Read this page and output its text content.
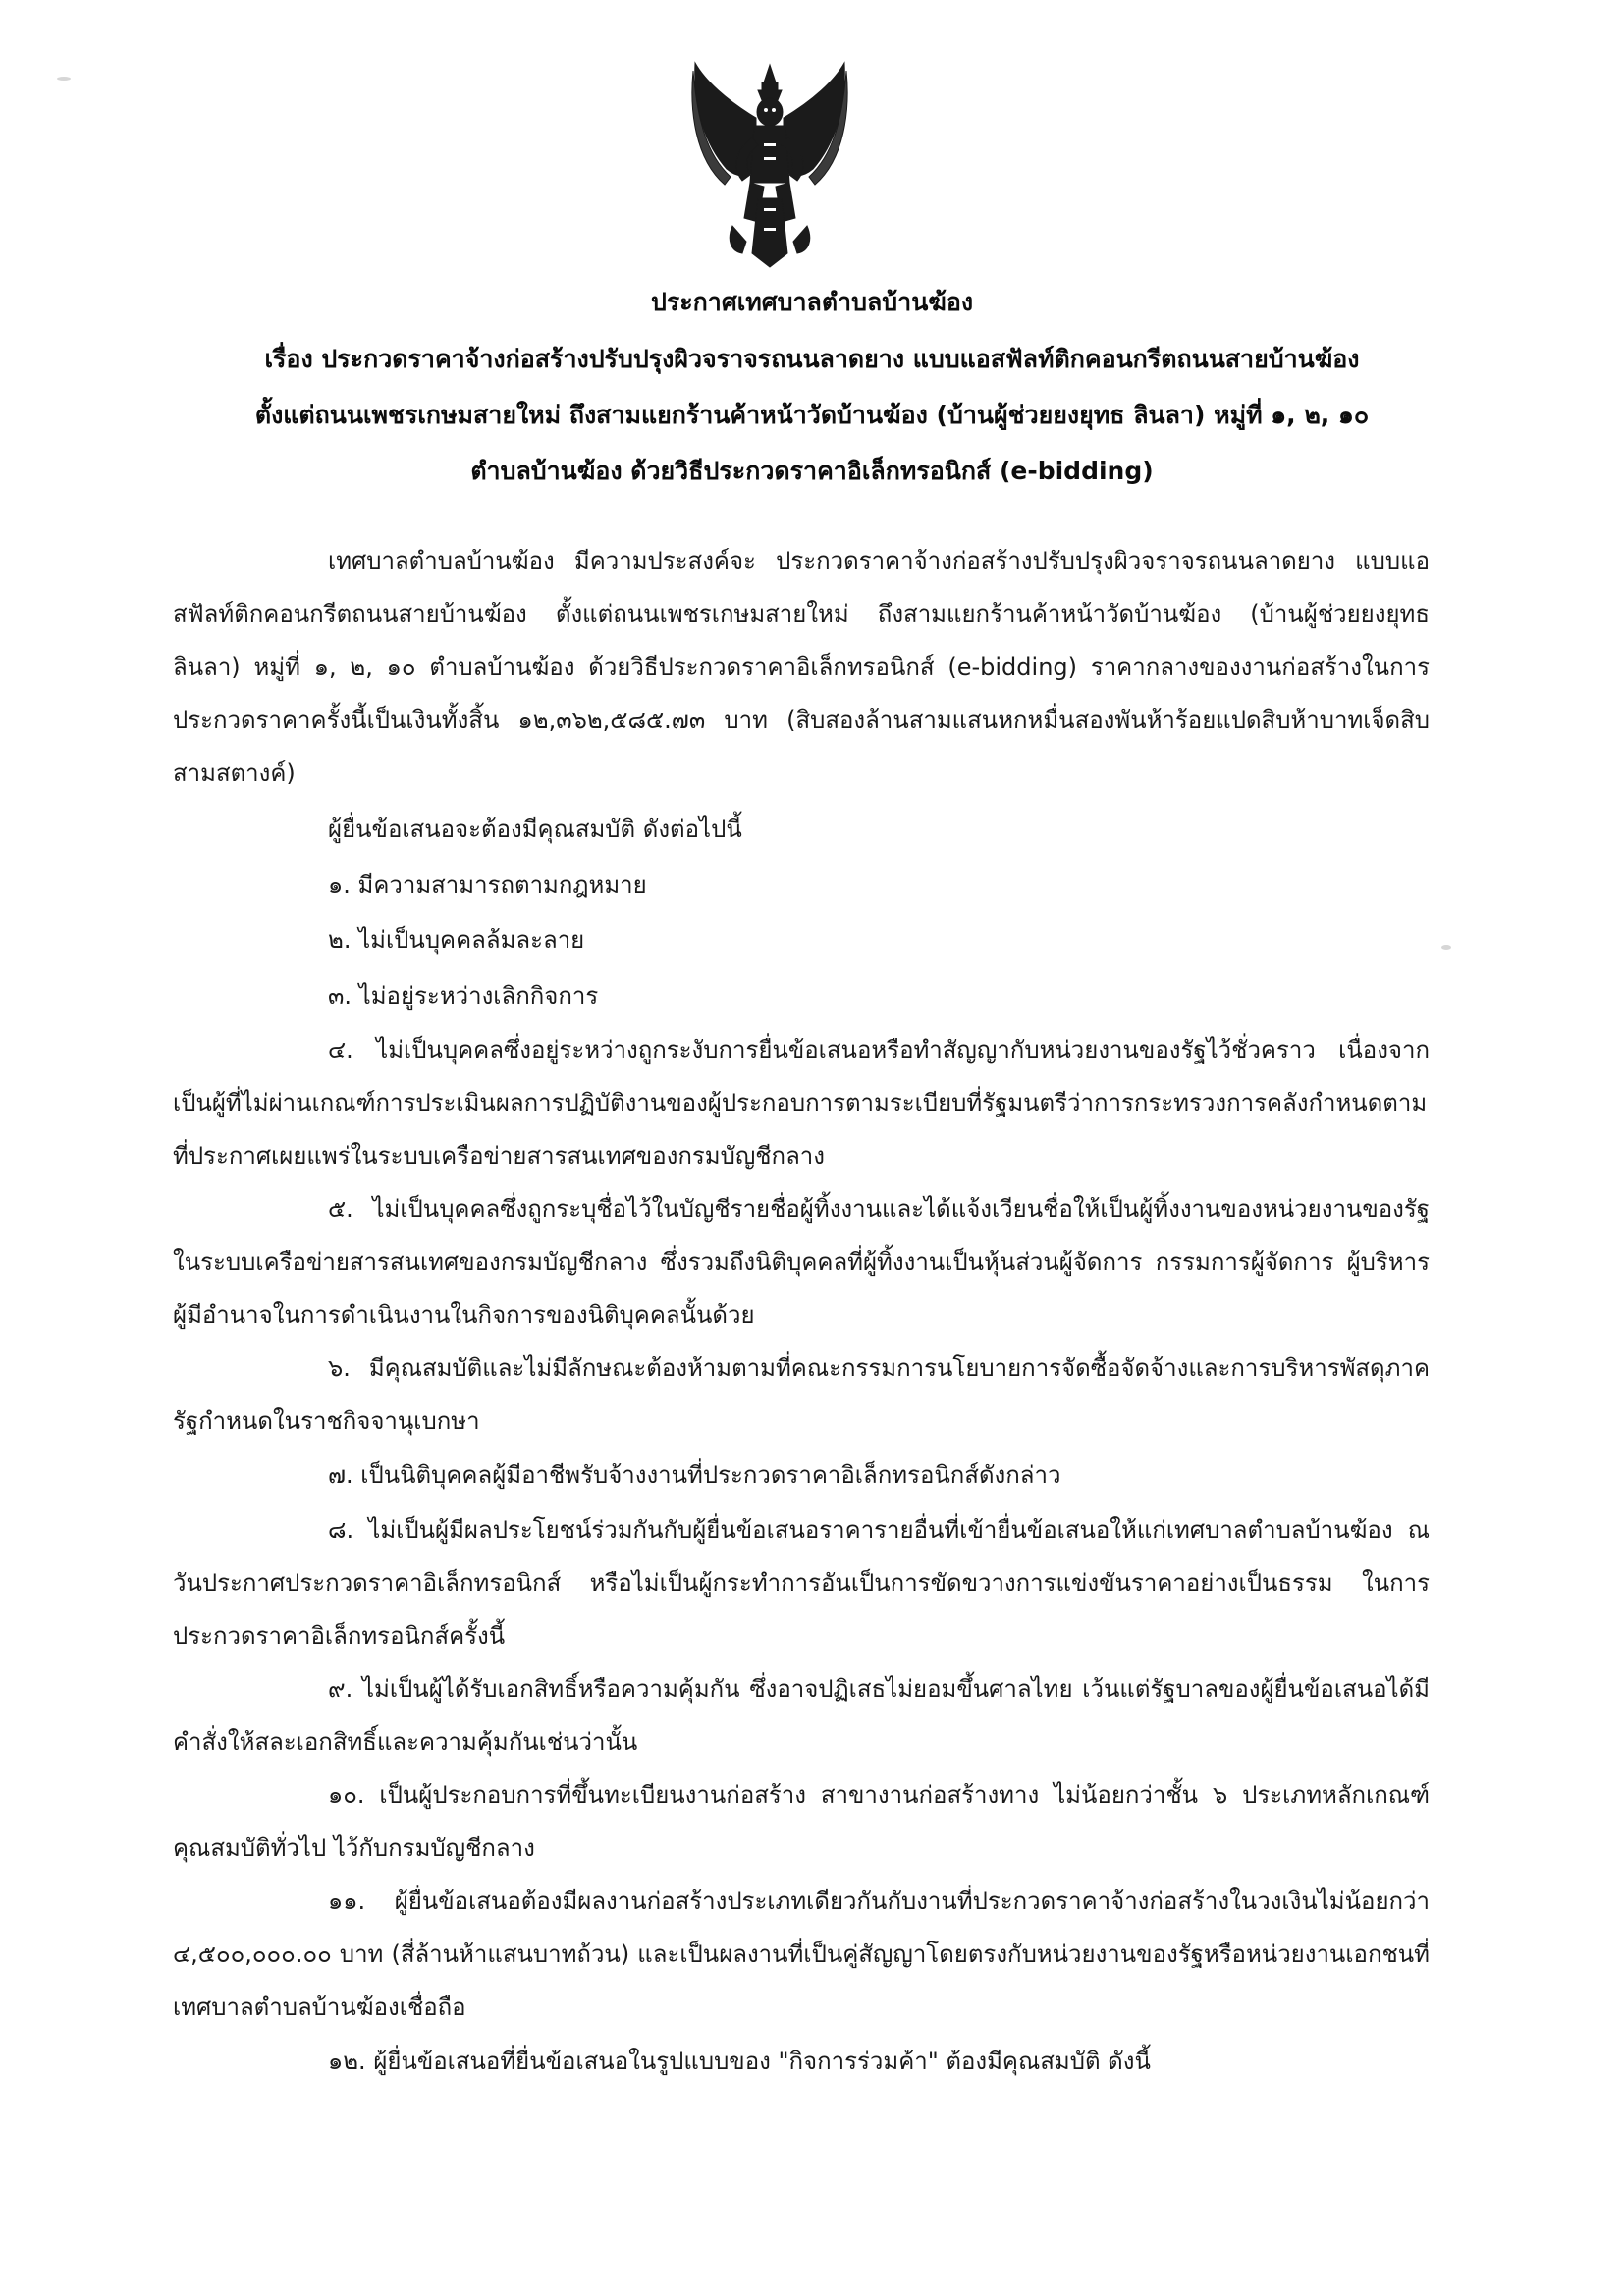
ประกาศเทศบาลตำบลบ้านฆ้อง
เรื่อง ประกวดราคาจ้างก่อสร้างปรับปรุงผิวจราจรถนนลาดยาง แบบแอสฟัลท์ติกคอนกรีตถนนสายบ้านฆ้อง
ตั้งแต่ถนนเพชรเกษมสายใหม่ ถึงสามแยกร้านค้าหน้าวัดบ้านฆ้อง (บ้านผู้ช่วยยงยุทธ ลินลา) หมู่ที่ ๑, ๒, ๑๐
ตำบลบ้านฆ้อง ด้วยวิธีประกวดราคาอิเล็กทรอนิกส์ (e-bidding)

เทศบาลตำบลบ้านฆ้อง มีความประสงค์จะ ประกวดราคาจ้างก่อสร้างปรับปรุงผิวจราจรถนนลาดยาง แบบแอสฟัลท์ติกคอนกรีตถนนสายบ้านฆ้อง ตั้งแต่ถนนเพชรเกษมสายใหม่ ถึงสามแยกร้านค้าหน้าวัดบ้านฆ้อง (บ้านผู้ช่วยยงยุทธ ลินลา) หมู่ที่ ๑, ๒, ๑๐ ตำบลบ้านฆ้อง ด้วยวิธีประกวดราคาอิเล็กทรอนิกส์ (e-bidding) ราคากลางของงานก่อสร้างในการประกวดราคาครั้งนี้เป็นเงินทั้งสิ้น ๑๒,๓๖๒,๕๘๕.๗๓ บาท (สิบสองล้านสามแสนหกหมื่นสองพันห้าร้อยแปดสิบห้าบาทเจ็ดสิบสามสตางค์)

ผู้ยื่นข้อเสนอจะต้องมีคุณสมบัติ ดังต่อไปนี้

๑. มีความสามารถตามกฎหมาย

๒. ไม่เป็นบุคคลล้มละลาย

๓. ไม่อยู่ระหว่างเลิกกิจการ

๔. ไม่เป็นบุคคลซึ่งอยู่ระหว่างถูกระงับการยื่นข้อเสนอหรือทำสัญญากับหน่วยงานของรัฐไว้ชั่วคราว เนื่องจากเป็นผู้ที่ไม่ผ่านเกณฑ์การประเมินผลการปฏิบัติงานของผู้ประกอบการตามระเบียบที่รัฐมนตรีว่าการกระทรวงการคลังกำหนดตามที่ประกาศเผยแพร่ในระบบเครือข่ายสารสนเทศของกรมบัญชีกลาง

๕. ไม่เป็นบุคคลซึ่งถูกระบุชื่อไว้ในบัญชีรายชื่อผู้ทิ้งงานและได้แจ้งเวียนชื่อให้เป็นผู้ทิ้งงานของหน่วยงานของรัฐในระบบเครือข่ายสารสนเทศของกรมบัญชีกลาง ซึ่งรวมถึงนิติบุคคลที่ผู้ทิ้งงานเป็นหุ้นส่วนผู้จัดการ กรรมการผู้จัดการ ผู้บริหาร ผู้มีอำนาจในการดำเนินงานในกิจการของนิติบุคคลนั้นด้วย

๖. มีคุณสมบัติและไม่มีลักษณะต้องห้ามตามที่คณะกรรมการนโยบายการจัดซื้อจัดจ้างและการบริหารพัสดุภาครัฐกำหนดในราชกิจจานุเบกษา

๗. เป็นนิติบุคคลผู้มีอาชีพรับจ้างงานที่ประกวดราคาอิเล็กทรอนิกส์ดังกล่าว

๘. ไม่เป็นผู้มีผลประโยชน์ร่วมกันกับผู้ยื่นข้อเสนอราคารายอื่นที่เข้ายื่นข้อเสนอให้แก่เทศบาลตำบลบ้านฆ้อง ณ วันประกาศประกวดราคาอิเล็กทรอนิกส์ หรือไม่เป็นผู้กระทำการอันเป็นการขัดขวางการแข่งขันราคาอย่างเป็นธรรม ในการประกวดราคาอิเล็กทรอนิกส์ครั้งนี้

๙. ไม่เป็นผู้ได้รับเอกสิทธิ์หรือความคุ้มกัน ซึ่งอาจปฏิเสธไม่ยอมขึ้นศาลไทย เว้นแต่รัฐบาลของผู้ยื่นข้อเสนอได้มีคำสั่งให้สละเอกสิทธิ์และความคุ้มกันเช่นว่านั้น

๑๐. เป็นผู้ประกอบการที่ขึ้นทะเบียนงานก่อสร้าง สาขางานก่อสร้างทาง ไม่น้อยกว่าชั้น ๖ ประเภทหลักเกณฑ์คุณสมบัติทั่วไป ไว้กับกรมบัญชีกลาง

๑๑. ผู้ยื่นข้อเสนอต้องมีผลงานก่อสร้างประเภทเดียวกันกับงานที่ประกวดราคาจ้างก่อสร้างในวงเงินไม่น้อยกว่า ๔,๕๐๐,๐๐๐.๐๐ บาท (สี่ล้านห้าแสนบาทถ้วน) และเป็นผลงานที่เป็นคู่สัญญาโดยตรงกับหน่วยงานของรัฐหรือหน่วยงานเอกชนที่เทศบาลตำบลบ้านฆ้องเชื่อถือ

๑๒. ผู้ยื่นข้อเสนอที่ยื่นข้อเสนอในรูปแบบของ "กิจการร่วมค้า" ต้องมีคุณสมบัติ ดังนี้
